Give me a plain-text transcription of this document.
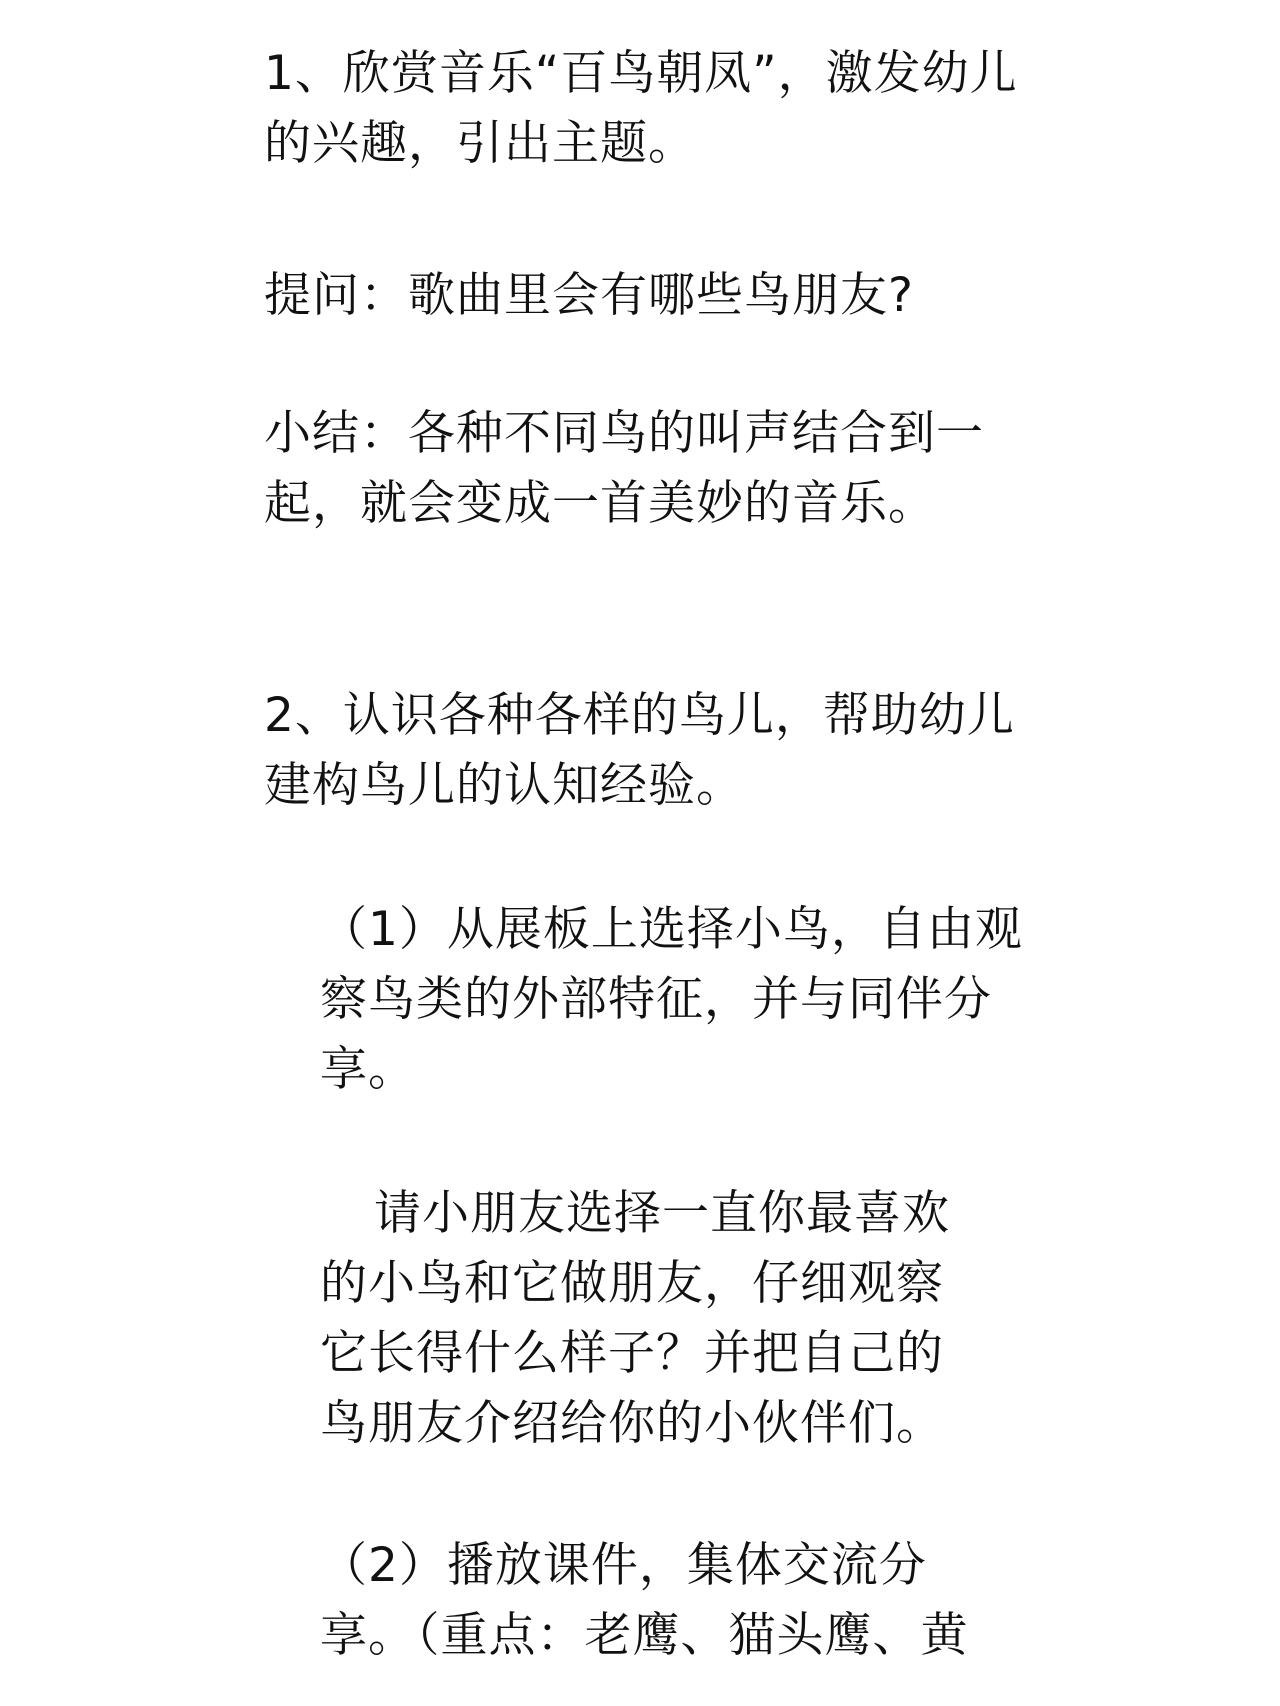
1、欣赏音乐“百鸟朝凤”，激发幼儿
的兴趣，引出主题。
提问：歌曲里会有哪些鸟朋友?
小结：各种不同鸟的叫声结合到一
起，就会变成一首美妙的音乐。
2、认识各种各样的鸟儿，帮助幼儿
建构鸟儿的认知经验。
（1）从展板上选择小鸟，自由观
察鸟类的外部特征，并与同伴分
享。
请小朋友选择一直你最喜欢
的小鸟和它做朋友，仔细观察
它长得什么样子？并把自己的
鸟朋友介绍给你的小伙伴们。
（2）播放课件，集体交流分
享。（重点：老鹰、猫头鹰、黄
